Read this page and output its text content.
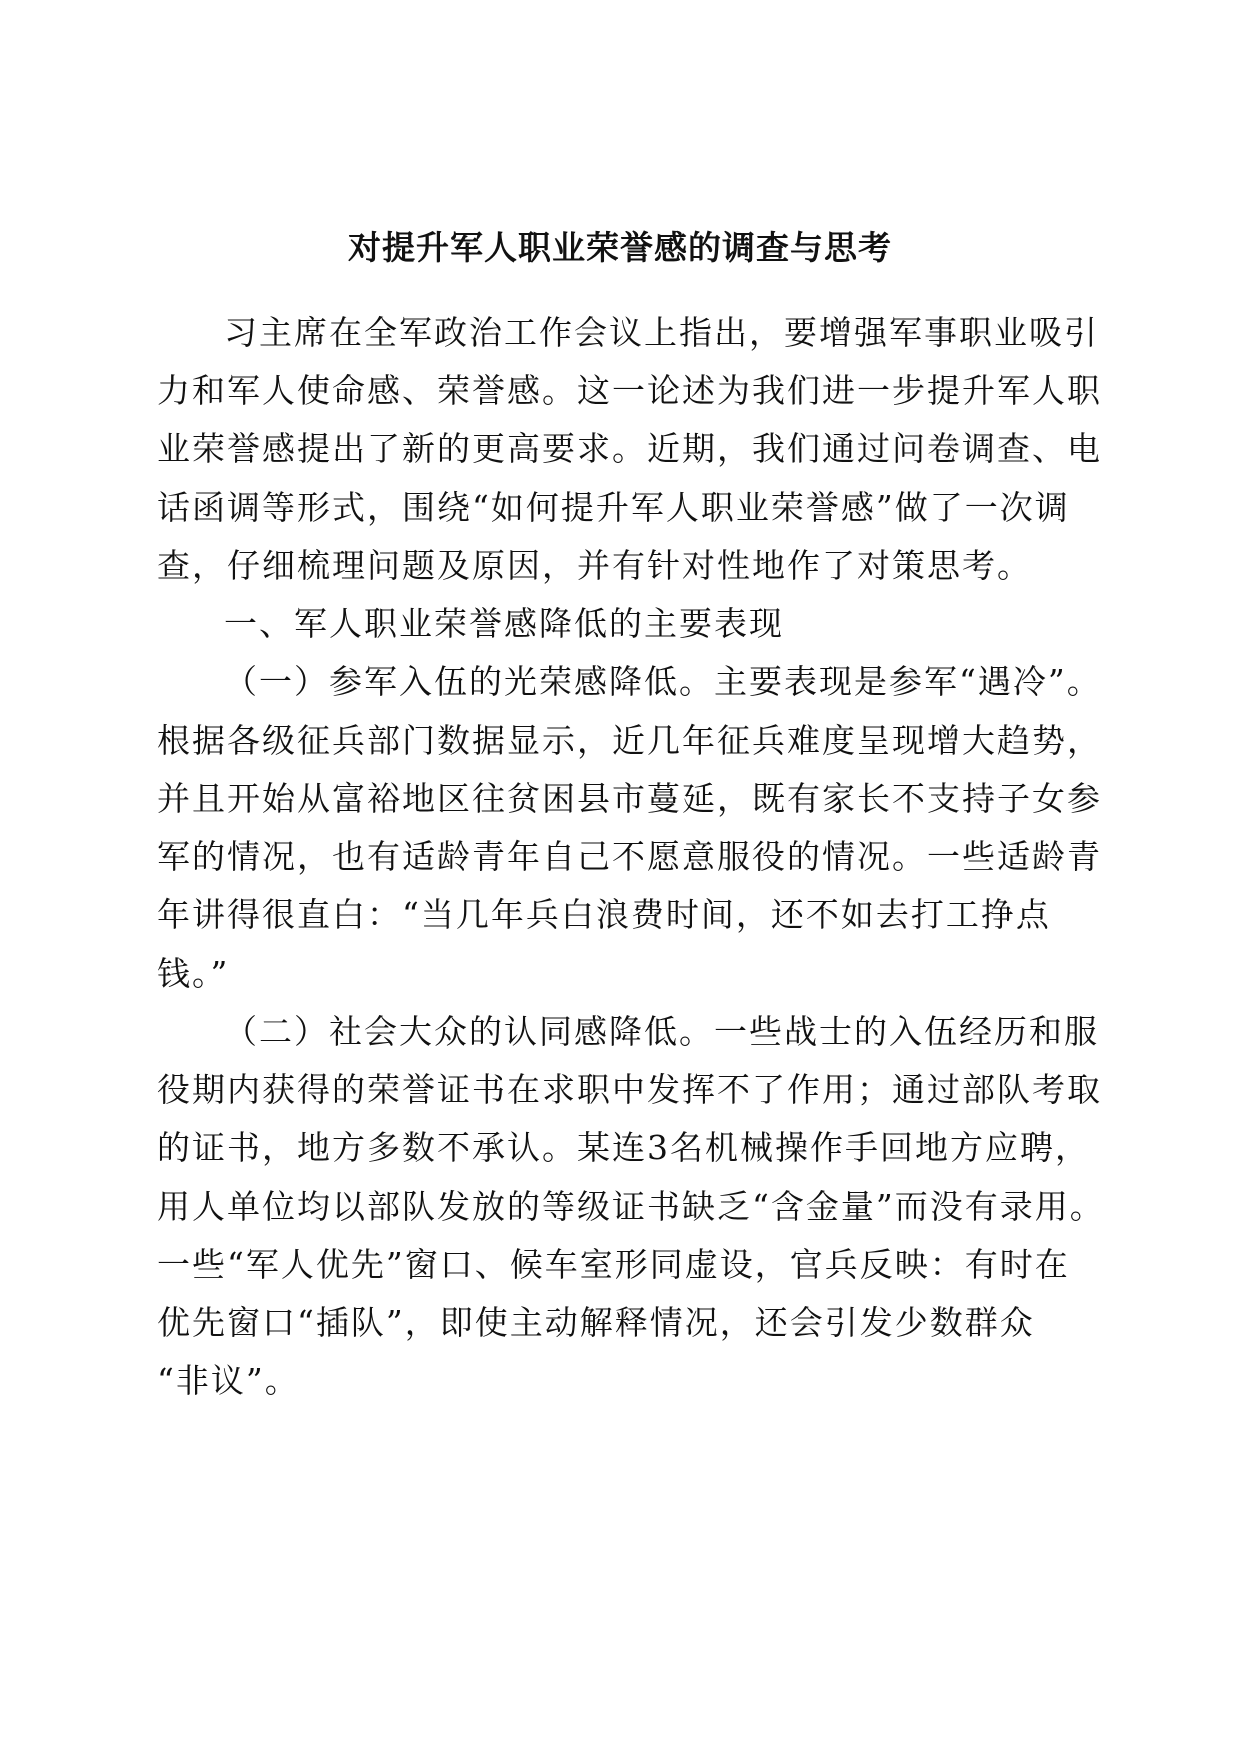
对提升军人职业荣誉感的调查与思考
习主席在全军政治工作会议上指出，要增强军事职业吸引
力和军人使命感、荣誉感。这一论述为我们进一步提升军人职
业荣誉感提出了新的更高要求。近期，我们通过问卷调查、电
话函调等形式，围绕“如何提升军人职业荣誉感”做了一次调
查，仔细梳理问题及原因，并有针对性地作了对策思考。
一、军人职业荣誉感降低的主要表现
（一）参军入伍的光荣感降低。主要表现是参军“遇冷”。
根据各级征兵部门数据显示，近几年征兵难度呈现增大趋势，
并且开始从富裕地区往贫困县市蔓延，既有家长不支持子女参
军的情况，也有适龄青年自己不愿意服役的情况。一些适龄青
年讲得很直白：“当几年兵白浪费时间，还不如去打工挣点
钱。”
（二）社会大众的认同感降低。一些战士的入伍经历和服
役期内获得的荣誉证书在求职中发挥不了作用；通过部队考取
的证书，地方多数不承认。某连3名机械操作手回地方应聘，
用人单位均以部队发放的等级证书缺乏“含金量”而没有录用。
一些“军人优先”窗口、候车室形同虚设，官兵反映：有时在
优先窗口“插队”，即使主动解释情况，还会引发少数群众
“非议”。
